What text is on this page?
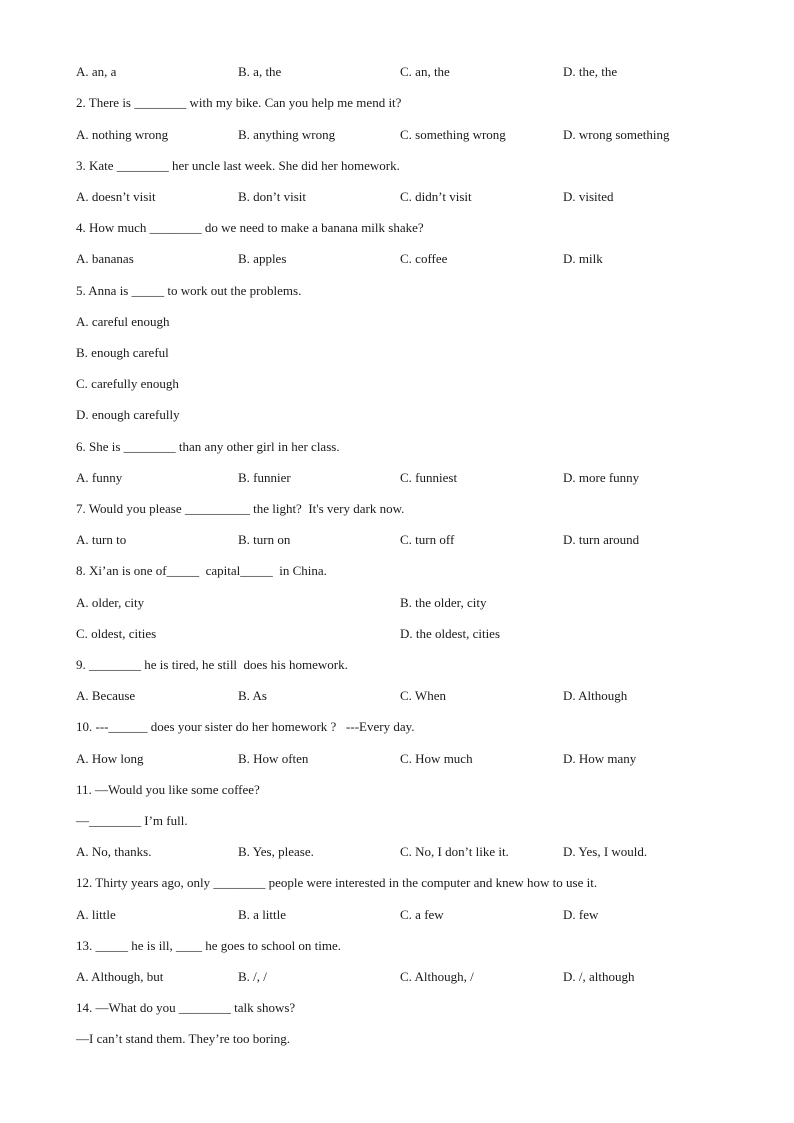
A. an, a	B. a, the	C. an, the	D. the, the
2. There is ________ with my bike. Can you help me mend it?
A. nothing wrong	B. anything wrong	C. something wrong	D. wrong something
3. Kate ________ her uncle last week. She did her homework.
A. doesn’t visit	B. don’t visit	C. didn’t visit	D. visited
4. How much ________ do we need to make a banana milk shake?
A. bananas	B. apples	C. coffee	D. milk
5. Anna is _____ to work out the problems.
A. careful enough
B. enough careful
C. carefully enough
D. enough carefully
6. She is ________ than any other girl in her class.
A. funny	B. funnier	C. funniest	D. more funny
7. Would you please __________ the light?  It's very dark now.
A. turn to	B. turn on	C. turn off	D. turn around
8. Xi’an is one of_____  capital_____  in China.
A. older, city	B. the older, city
C. oldest, cities	D. the oldest, cities
9. ________ he is tired, he still  does his homework.
A. Because	B. As	C. When	D. Although
10. ---______ does your sister do her homework ?   ---Every day.
A. How long	B. How often	C. How much	D. How many
11. —Would you like some coffee?
—________ I’m full.
A. No, thanks.	B. Yes, please.	C. No, I don’t like it.	D. Yes, I would.
12. Thirty years ago, only ________ people were interested in the computer and knew how to use it.
A. little	B. a little	C. a few	D. few
13. _____ he is ill, ____ he goes to school on time.
A. Although, but	B. /, /	C. Although, /	D. /, although
14. —What do you ________ talk shows?
—I can’t stand them. They’re too boring.
